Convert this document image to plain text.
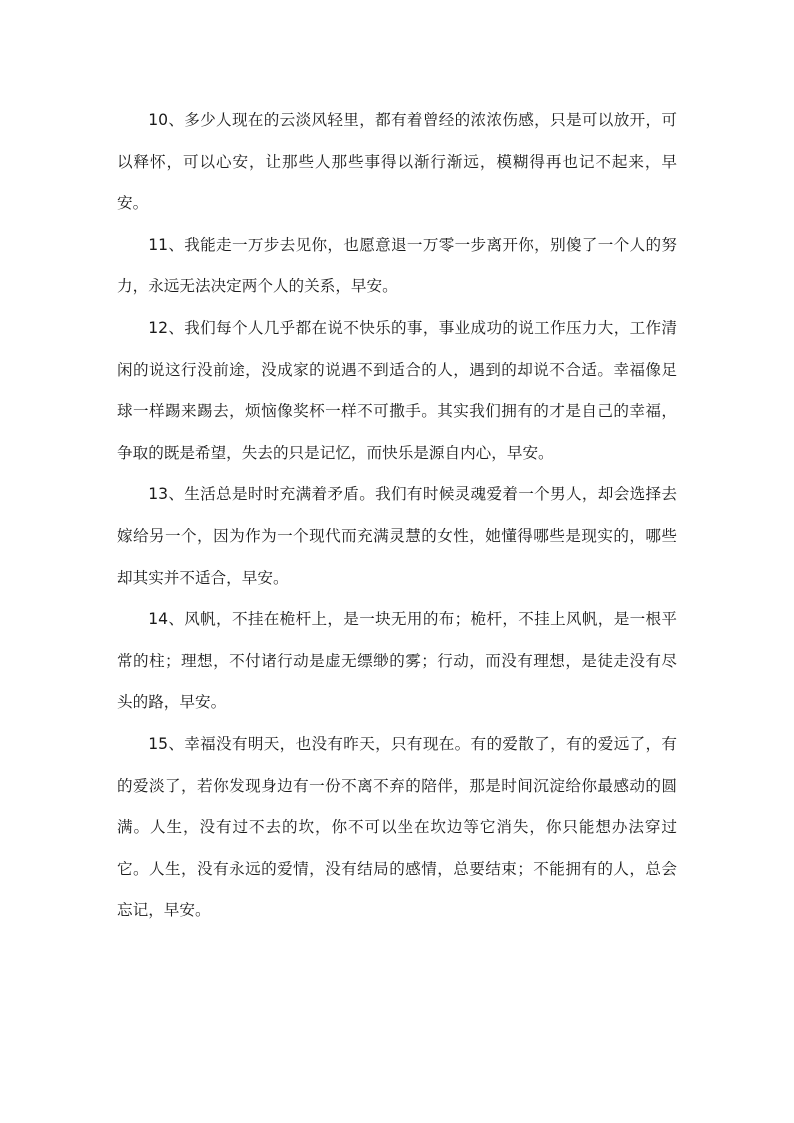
10、多少人现在的云淡风轻里，都有着曾经的浓浓伤感，只是可以放开，可以释怀，可以心安，让那些人那些事得以渐行渐远，模糊得再也记不起来，早安。

11、我能走一万步去见你，也愿意退一万零一步离开你，别傻了一个人的努力，永远无法决定两个人的关系，早安。

12、我们每个人几乎都在说不快乐的事，事业成功的说工作压力大，工作清闲的说这行没前途，没成家的说遇不到适合的人，遇到的却说不合适。幸福像足球一样踢来踢去，烦恼像奖杯一样不可撒手。其实我们拥有的才是自己的幸福，争取的既是希望，失去的只是记忆，而快乐是源自内心，早安。

13、生活总是时时充满着矛盾。我们有时候灵魂爱着一个男人，却会选择去嫁给另一个，因为作为一个现代而充满灵慧的女性，她懂得哪些是现实的，哪些却其实并不适合，早安。

14、风帆，不挂在桅杆上，是一块无用的布；桅杆，不挂上风帆，是一根平常的柱；理想，不付诸行动是虚无缥缈的雾；行动，而没有理想，是徒走没有尽头的路，早安。

15、幸福没有明天，也没有昨天，只有现在。有的爱散了，有的爱远了，有的爱淡了，若你发现身边有一份不离不弃的陪伴，那是时间沉淀给你最感动的圆满。人生，没有过不去的坎，你不可以坐在坎边等它消失，你只能想办法穿过它。人生，没有永远的爱情，没有结局的感情，总要结束；不能拥有的人，总会忘记，早安。
